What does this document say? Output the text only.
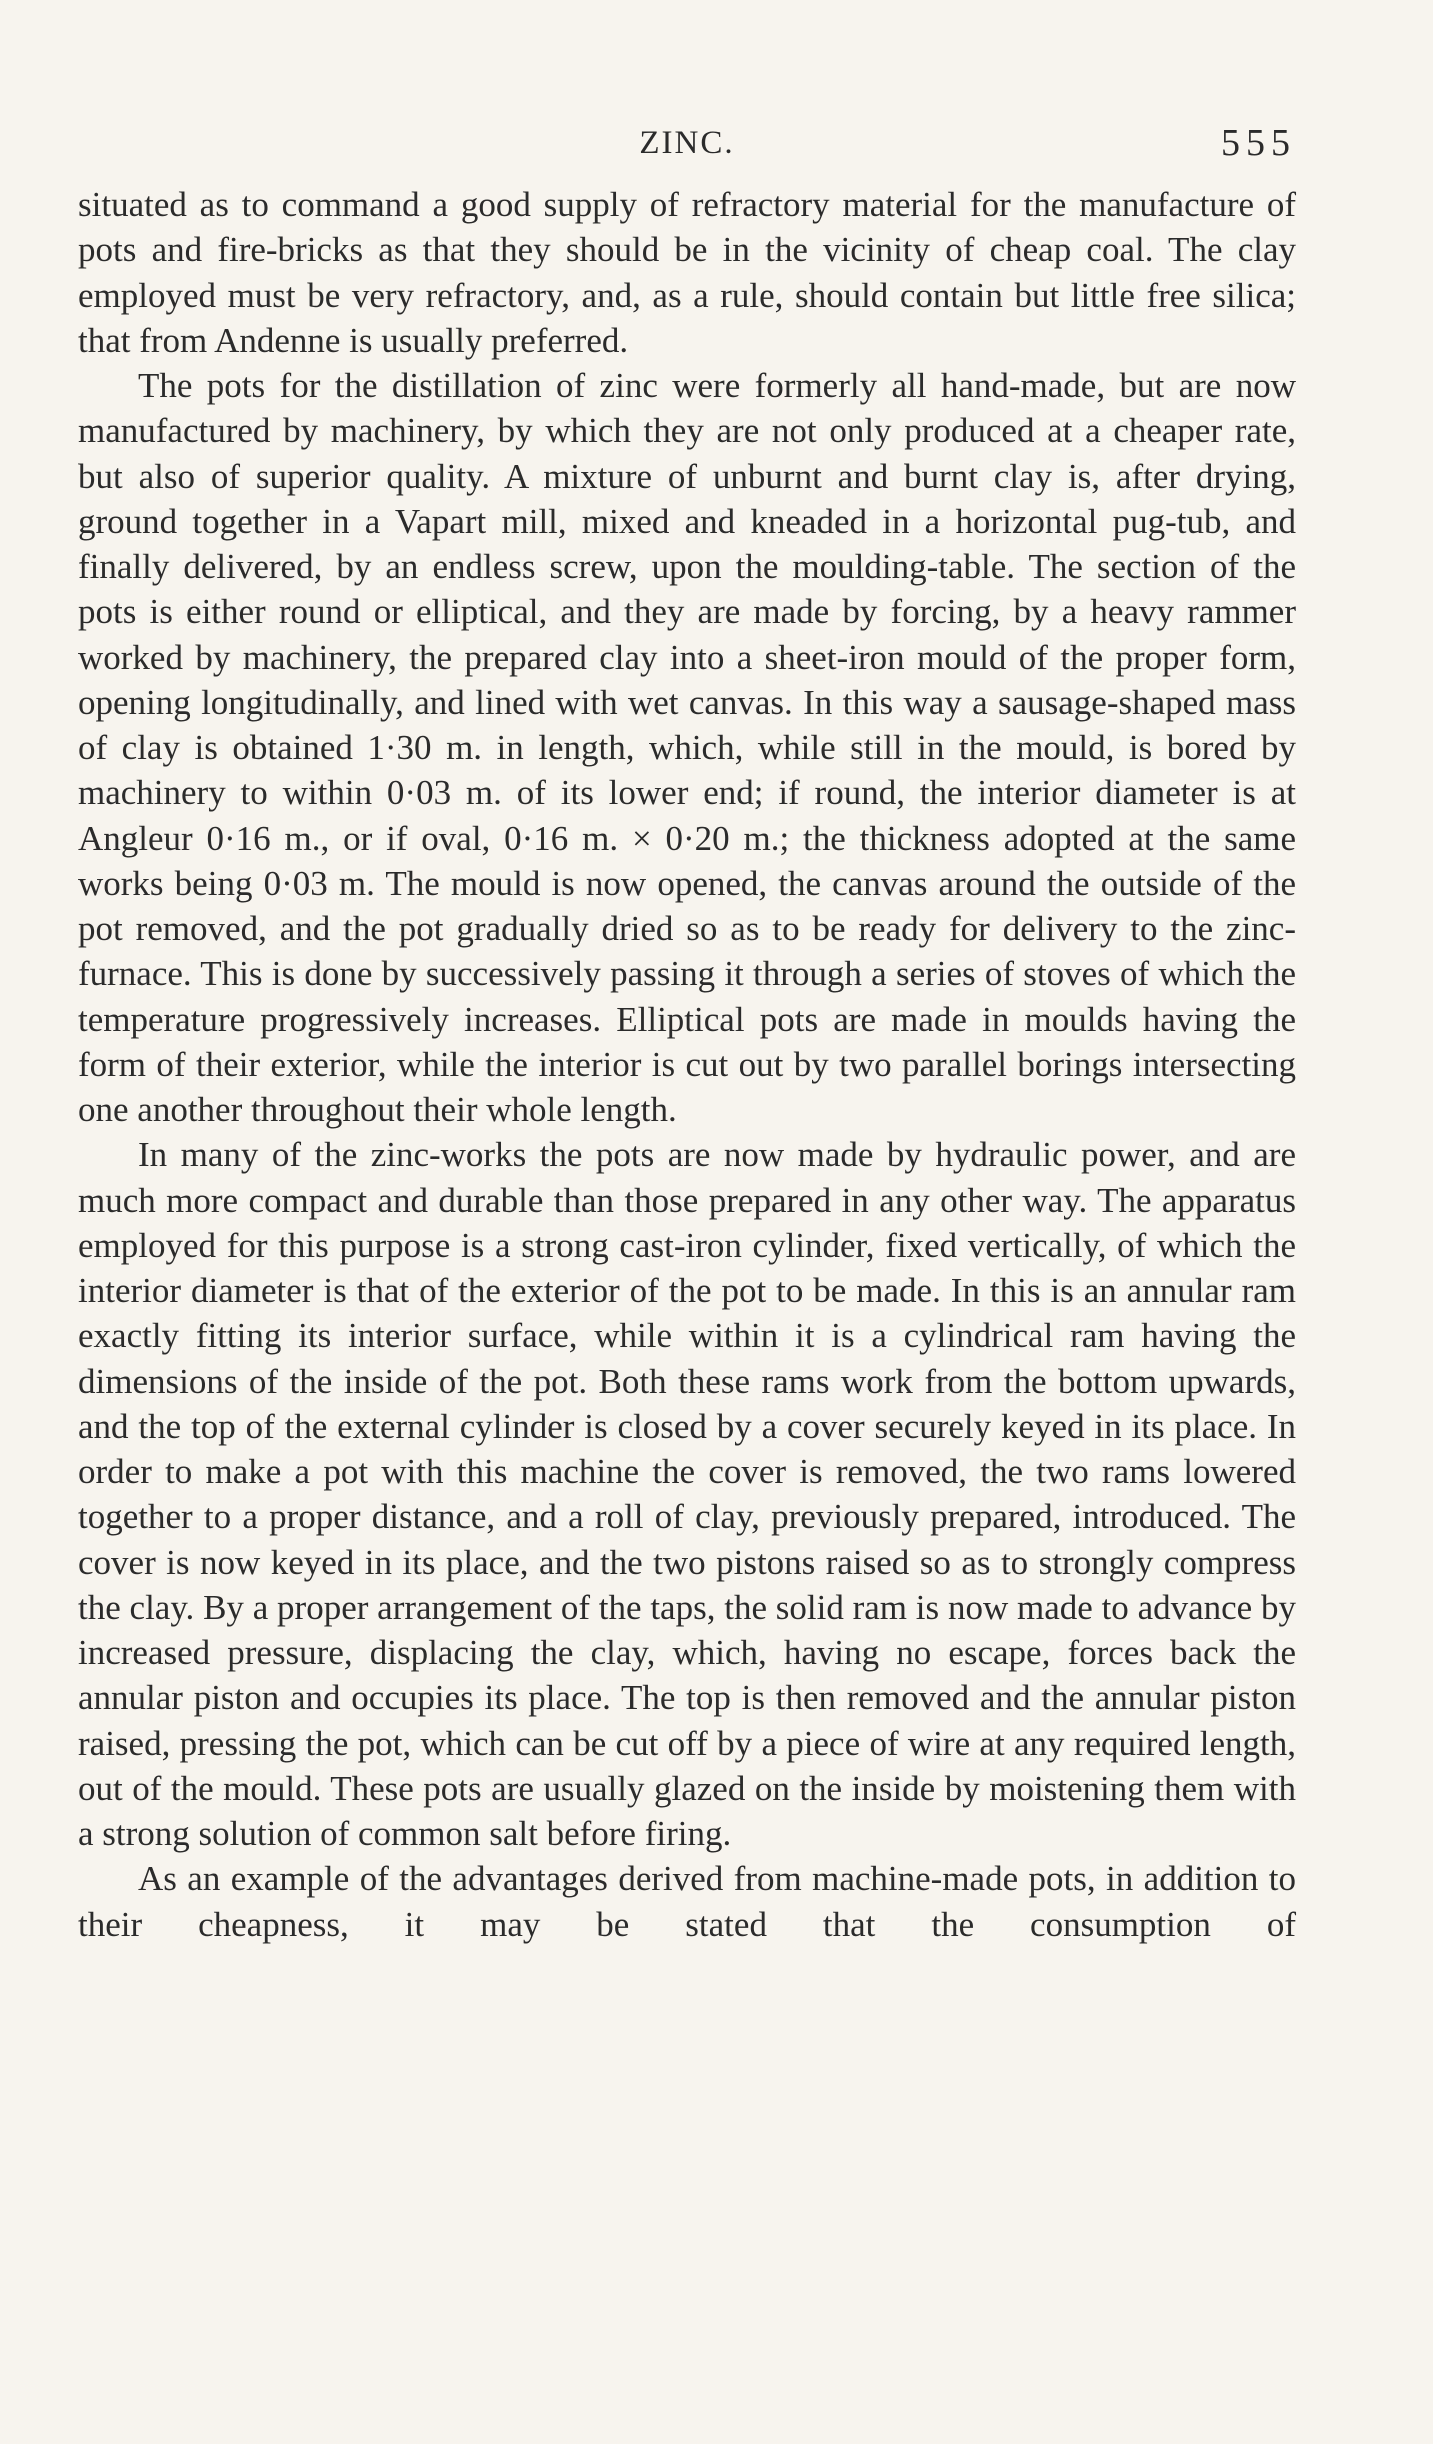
ZINC.	555

situated as to command a good supply of refractory material for the manufacture of pots and fire-bricks as that they should be in the vicinity of cheap coal. The clay employed must be very refractory, and, as a rule, should contain but little free silica; that from Andenne is usually preferred.

The pots for the distillation of zinc were formerly all hand-made, but are now manufactured by machinery, by which they are not only produced at a cheaper rate, but also of superior quality. A mixture of unburnt and burnt clay is, after drying, ground together in a Vapart mill, mixed and kneaded in a horizontal pug-tub, and finally delivered, by an endless screw, upon the moulding-table. The section of the pots is either round or elliptical, and they are made by forcing, by a heavy rammer worked by machinery, the prepared clay into a sheet-iron mould of the proper form, opening longitudinally, and lined with wet canvas. In this way a sausage-shaped mass of clay is obtained 1·30 m. in length, which, while still in the mould, is bored by machinery to within 0·03 m. of its lower end; if round, the interior diameter is at Angleur 0·16 m., or if oval, 0·16 m. × 0·20 m.; the thickness adopted at the same works being 0·03 m. The mould is now opened, the canvas around the outside of the pot removed, and the pot gradually dried so as to be ready for delivery to the zinc-furnace. This is done by successively passing it through a series of stoves of which the temperature progressively increases. Elliptical pots are made in moulds having the form of their exterior, while the interior is cut out by two parallel borings intersecting one another throughout their whole length.

In many of the zinc-works the pots are now made by hydraulic power, and are much more compact and durable than those prepared in any other way. The apparatus employed for this purpose is a strong cast-iron cylinder, fixed vertically, of which the interior diameter is that of the exterior of the pot to be made. In this is an annular ram exactly fitting its interior surface, while within it is a cylindrical ram having the dimensions of the inside of the pot. Both these rams work from the bottom upwards, and the top of the external cylinder is closed by a cover securely keyed in its place. In order to make a pot with this machine the cover is removed, the two rams lowered together to a proper distance, and a roll of clay, previously prepared, introduced. The cover is now keyed in its place, and the two pistons raised so as to strongly compress the clay. By a proper arrangement of the taps, the solid ram is now made to advance by increased pressure, displacing the clay, which, having no escape, forces back the annular piston and occupies its place. The top is then removed and the annular piston raised, pressing the pot, which can be cut off by a piece of wire at any required length, out of the mould. These pots are usually glazed on the inside by moistening them with a strong solution of common salt before firing.

As an example of the advantages derived from machine-made pots, in addition to their cheapness, it may be stated that the consumption of
